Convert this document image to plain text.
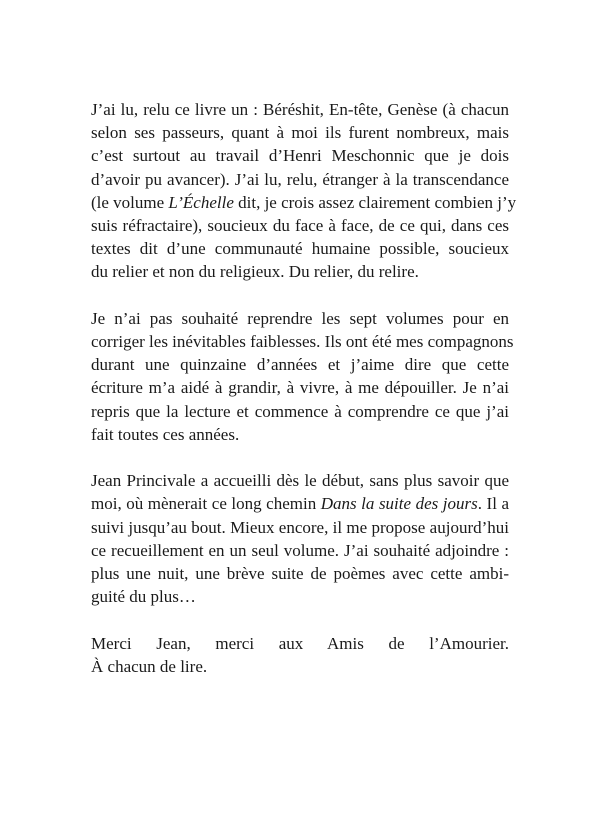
J’ai lu, relu ce livre un : Béréshit, En-tête, Genèse (à chacun
selon ses passeurs, quant à moi ils furent nombreux, mais
c’est surtout au travail d’Henri Meschonnic que je dois
d’avoir pu avancer). J’ai lu, relu, étranger à la transcendance
(le volume L’Échelle dit, je crois assez clairement combien j’y
suis réfractaire), soucieux du face à face, de ce qui, dans ces
textes dit d’une communauté humaine possible, soucieux
du relier et non du religieux. Du relier, du relire.

Je n’ai pas souhaité reprendre les sept volumes pour en
corriger les inévitables faiblesses. Ils ont été mes compagnons
durant une quinzaine d’années et j’aime dire que cette
écriture m’a aidé à grandir, à vivre, à me dépouiller. Je n’ai
repris que la lecture et commence à comprendre ce que j’ai
fait toutes ces années.

Jean Princivale a accueilli dès le début, sans plus savoir que
moi, où mènerait ce long chemin Dans la suite des jours. Il a
suivi jusqu’au bout. Mieux encore, il me propose aujourd’hui
ce recueillement en un seul volume. J’ai souhaité adjoindre :
plus une nuit, une brève suite de poèmes avec cette ambi-
guité du plus…

Merci Jean, merci aux Amis de l’Amourier.
À chacun de lire.
